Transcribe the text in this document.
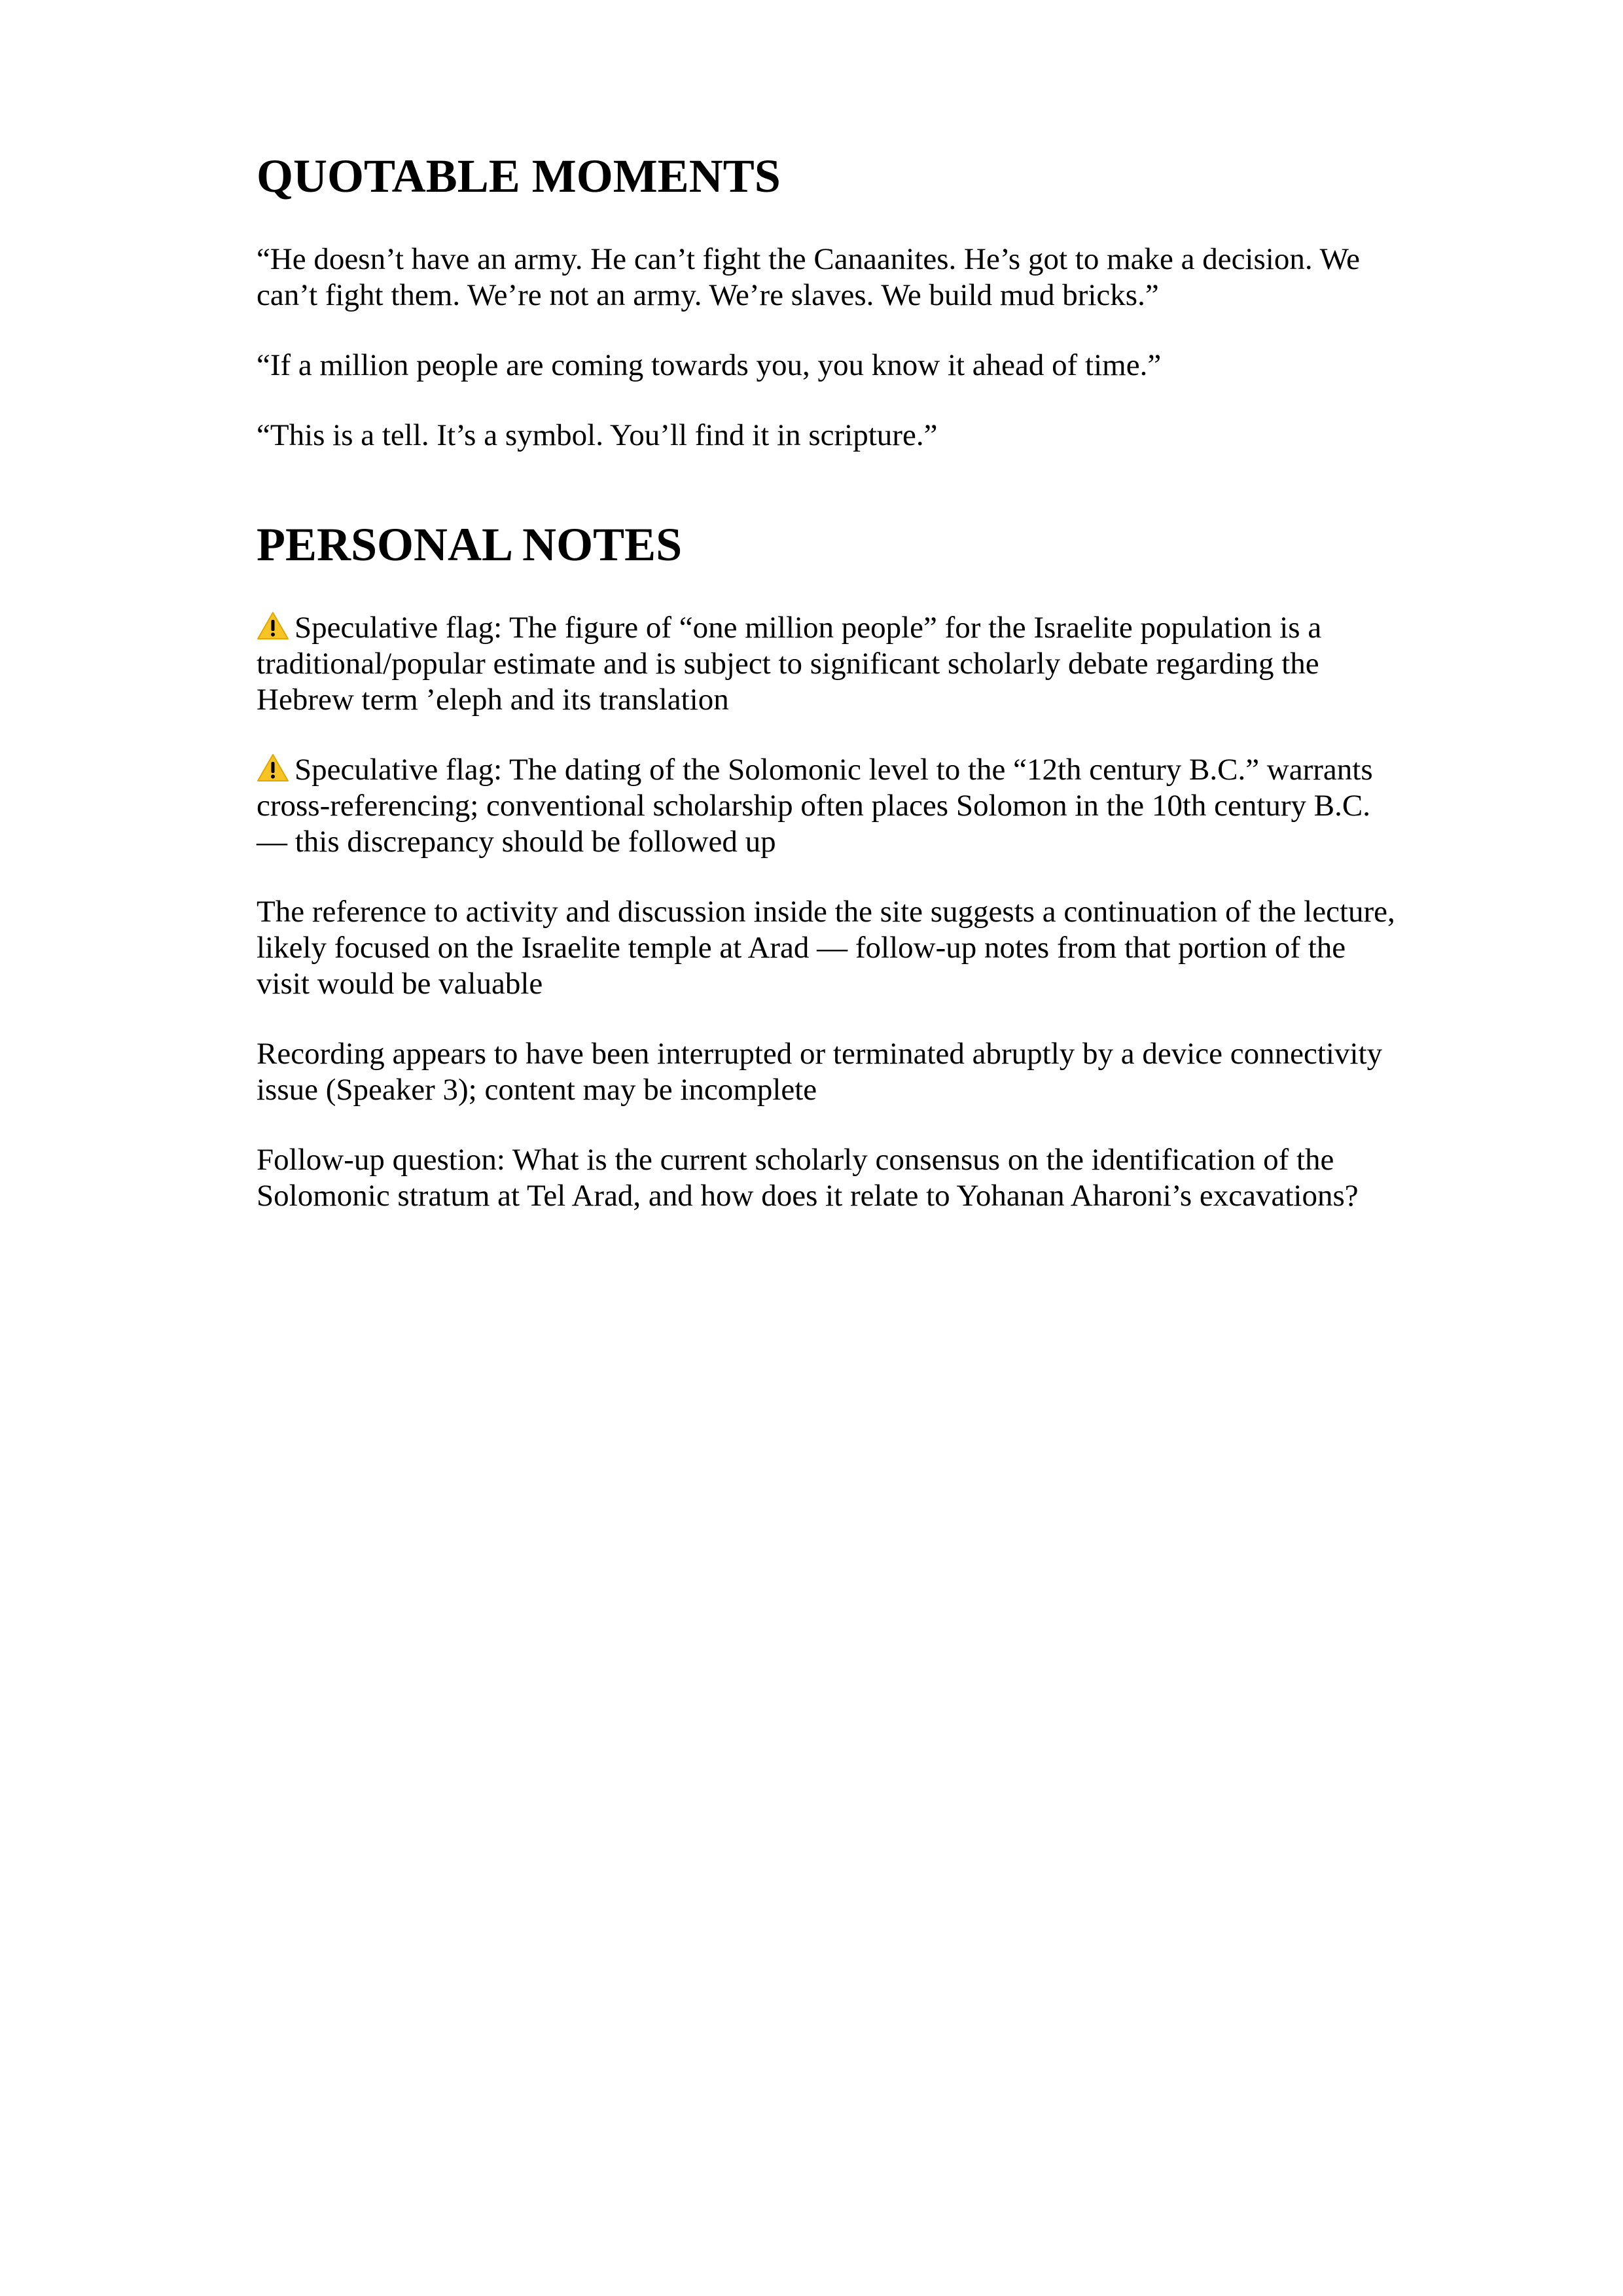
QUOTABLE MOMENTS

“He doesn’t have an army. He can’t fight the Canaanites. He’s got to make a decision. We can’t fight them. We’re not an army. We’re slaves. We build mud bricks.”

“If a million people are coming towards you, you know it ahead of time.”

“This is a tell. It’s a symbol. You’ll find it in scripture.”

PERSONAL NOTES

Speculative flag: The figure of “one million people” for the Israelite population is a traditional/popular estimate and is subject to significant scholarly debate regarding the Hebrew term ’eleph and its translation

Speculative flag: The dating of the Solomonic level to the “12th century B.C.” warrants cross-referencing; conventional scholarship often places Solomon in the 10th century B.C. — this discrepancy should be followed up

The reference to activity and discussion inside the site suggests a continuation of the lecture, likely focused on the Israelite temple at Arad — follow-up notes from that portion of the visit would be valuable

Recording appears to have been interrupted or terminated abruptly by a device connectivity issue (Speaker 3); content may be incomplete

Follow-up question: What is the current scholarly consensus on the identification of the Solomonic stratum at Tel Arad, and how does it relate to Yohanan Aharoni’s excavations?
